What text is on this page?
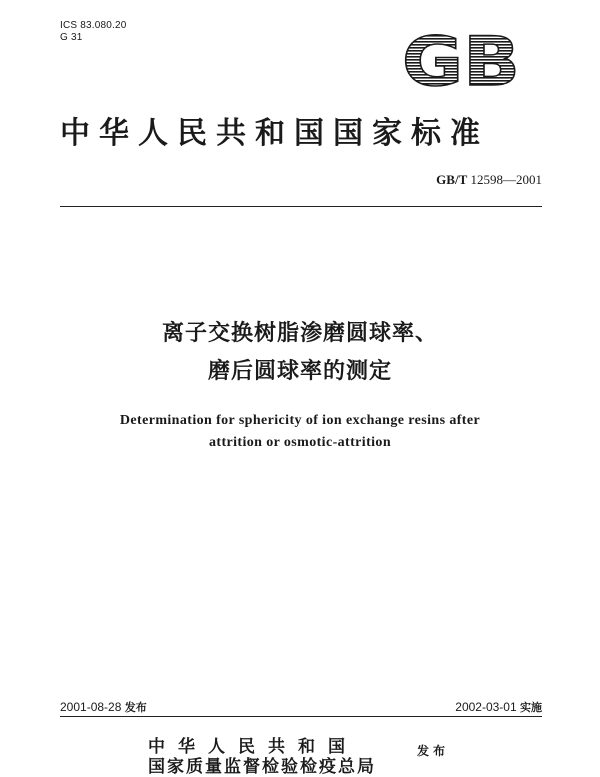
ICS 83.080.20
G 31	GB
中华人民共和国国家标准
GB/T 12598—2001
离子交换树脂渗磨圆球率、
磨后圆球率的测定
Determination for sphericity of ion exchange resins after
attrition or osmotic-attrition
2001-08-28 发布	2002-03-01 实施
中华人民共和国
国家质量监督检验检疫总局
发布
